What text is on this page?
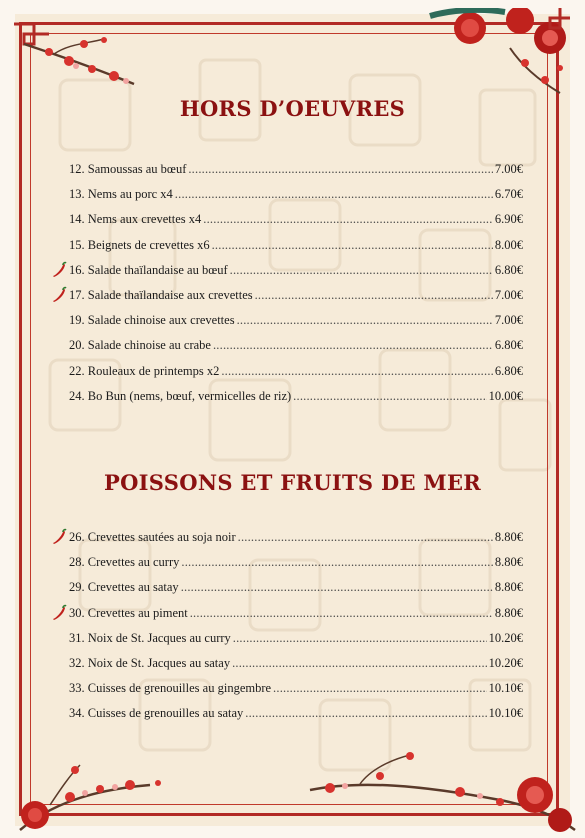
HORS D’OEUVRES
POISSONS ET FRUITS DE MER
12. Samoussas au bœuf .....	7.00€
13. Nems au porc x4 .....	6.70€
14. Nems aux crevettes x4 .....	6.90€
15. Beignets de crevettes x6 .....	8.00€
16. Salade thaïlandaise au bœuf .....	6.80€
17. Salade thaïlandaise aux crevettes .....	7.00€
19. Salade chinoise aux crevettes .....	7.00€
20. Salade chinoise au crabe .....	6.80€
22. Rouleaux de printemps x2 .....	6.80€
24. Bo Bun (nems, bœuf, vermicelles de riz) .....	10.00€
26. Crevettes sautées au soja noir .....	8.80€
28. Crevettes au curry .....	8.80€
29. Crevettes au satay .....	8.80€
30. Crevettes au piment .....	8.80€
31. Noix de St. Jacques au curry .....	10.20€
32. Noix de St. Jacques au satay .....	10.20€
33. Cuisses de grenouilles au gingembre .....	10.10€
34. Cuisses de grenouilles au satay .....	10.10€
